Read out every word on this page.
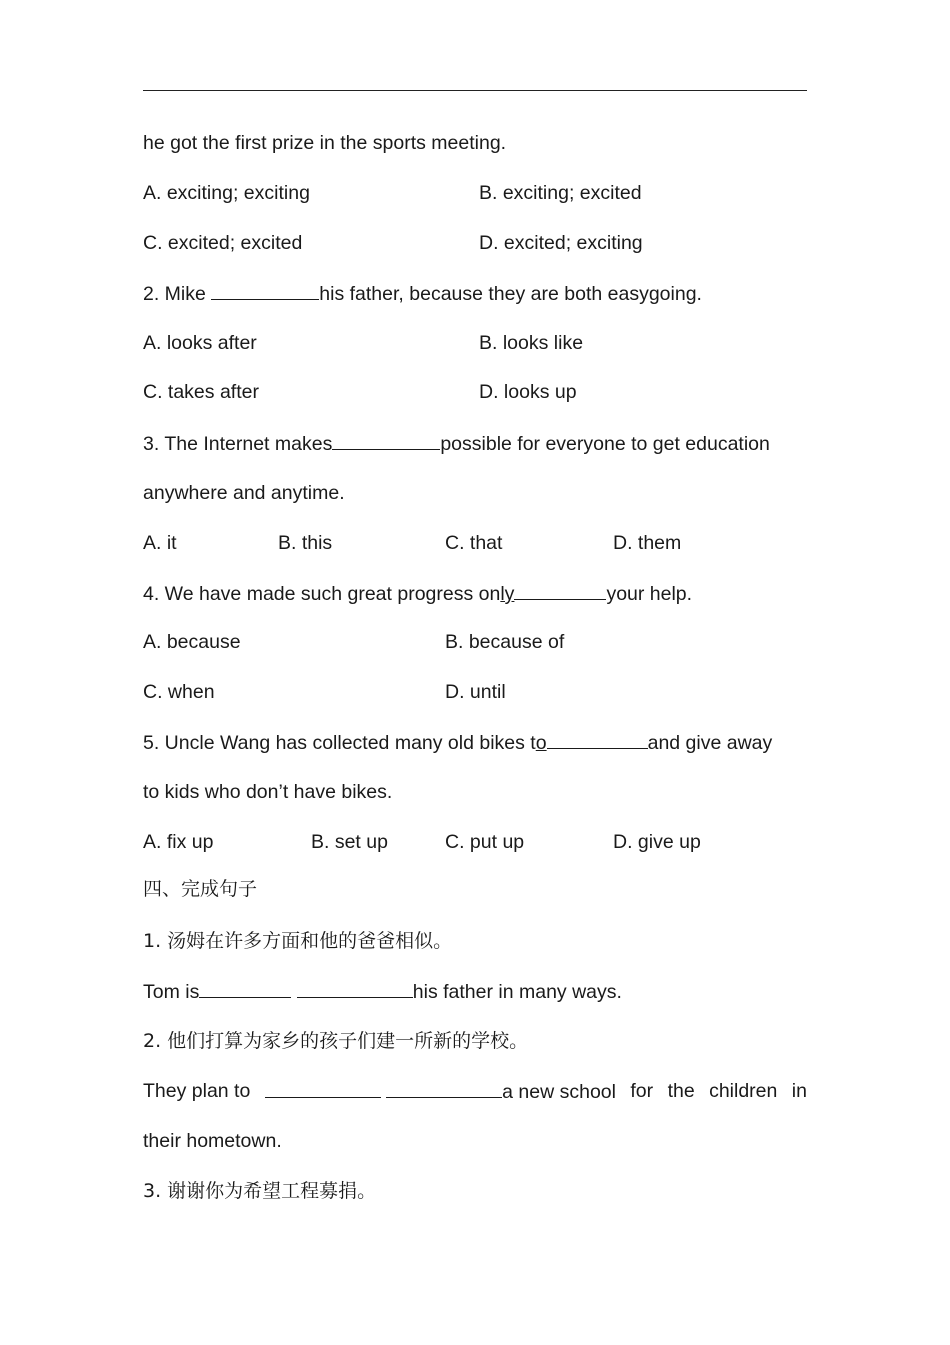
he got the first prize in the sports meeting.
A. exciting; exciting	B. exciting; excited
C. excited; excited	D. excited; exciting
2. Mike	his father, because they are both easygoing.
A. looks after	B. looks like
C. takes after	D. looks up
3. The Internet makes	possible for everyone to get education
anywhere and anytime.
A. it	B. this	C. that	D. them
4. We have made such great progress only	your help.
A. because	B. because of
C. when	D. until
5. Uncle Wang has collected many old bikes to	and give away
to kids who don’t have bikes.
A. fix up	B. set up	C. put up	D. give up
四、完成句子
1. 汤姆在许多方面和他的爸爸相似。
Tom is	his father in many ways.
2. 他们打算为家乡的孩子们建一所新的学校。
They plan to	a new school for the children in
their hometown.
3. 谢谢你为希望工程募捐。
